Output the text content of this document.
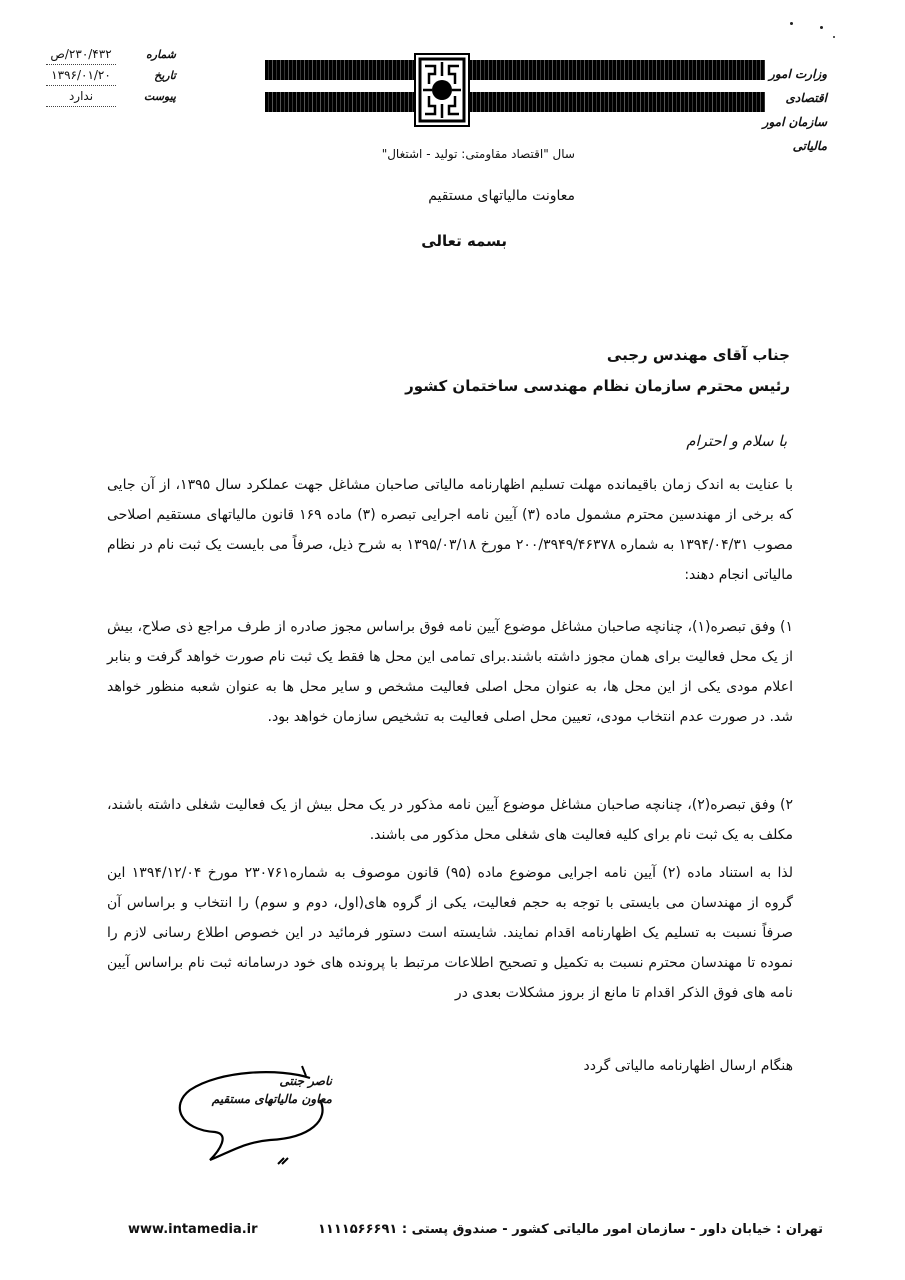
۲۳۰/۴۳۲/ص	شماره
۱۳۹۶/۰۱/۲۰	تاریخ
ندارد	پیوست
وزارت امور اقتصادی
سازمان امور مالیاتی
سال "اقتصاد مقاومتی: تولید - اشتغال"
معاونت مالیاتهای مستقیم
بسمه تعالی
جناب آقای مهندس رجبی
رئیس محترم سازمان نظام مهندسی ساختمان کشور
با سلام و احترام
با عنایت به اندک زمان باقیمانده مهلت تسلیم اظهارنامه مالیاتی صاحبان مشاغل جهت عملکرد سال ۱۳۹۵، از آن جایی که برخی از مهندسین محترم مشمول ماده (۳) آیین نامه اجرایی تبصره (۳) ماده ۱۶۹ قانون مالیاتهای مستقیم اصلاحی مصوب ۱۳۹۴/۰۴/۳۱ به شماره ۲۰۰/۳۹۴۹/۴۶۳۷۸ مورخ ۱۳۹۵/۰۳/۱۸ به شرح ذیل، صرفاً می بایست یک ثبت نام در نظام مالیاتی انجام دهند:
۱) وفق تبصره(۱)، چنانچه صاحبان مشاغل موضوع آیین نامه فوق براساس مجوز صادره از طرف مراجع ذی صلاح، بیش از یک محل فعالیت برای همان مجوز داشته باشند.برای تمامی این محل ها فقط یک ثبت نام صورت خواهد گرفت و بنابر اعلام مودی یکی از این محل ها، به عنوان محل اصلی فعالیت مشخص و سایر محل ها به عنوان شعبه منظور خواهد شد. در صورت عدم انتخاب مودی، تعیین محل اصلی فعالیت به تشخیص سازمان خواهد بود.
۲) وفق تبصره(۲)، چنانچه صاحبان مشاغل موضوع آیین نامه مذکور در یک محل بیش از یک فعالیت شغلی داشته باشند، مکلف به یک ثبت نام برای کلیه فعالیت های شغلی محل مذکور می باشند.
لذا به استناد ماده (۲) آیین نامه اجرایی موضوع ماده (۹۵) قانون موصوف به شماره۲۳۰۷۶۱ مورخ ۱۳۹۴/۱۲/۰۴ این گروه از مهندسان می بایستی با توجه به حجم فعالیت، یکی از گروه های(اول، دوم و سوم) را انتخاب و براساس آن صرفاً نسبت به تسلیم یک اظهارنامه اقدام نمایند. شایسته است دستور فرمائید در این خصوص اطلاع رسانی لازم را نموده تا مهندسان محترم نسبت به تکمیل و تصحیح اطلاعات مرتبط با پرونده های خود درسامانه ثبت نام براساس آیین نامه های فوق الذکر اقدام تا مانع از بروز مشکلات بعدی در
هنگام ارسال اظهارنامه مالیاتی گردد
ناصر جنتی
معاون مالیاتهای مستقیم
تهران : خیابان داور - سازمان امور مالیاتی کشور - صندوق پستی : ۱۱۱۱۵۶۶۶۹۱
www.intamedia.ir
